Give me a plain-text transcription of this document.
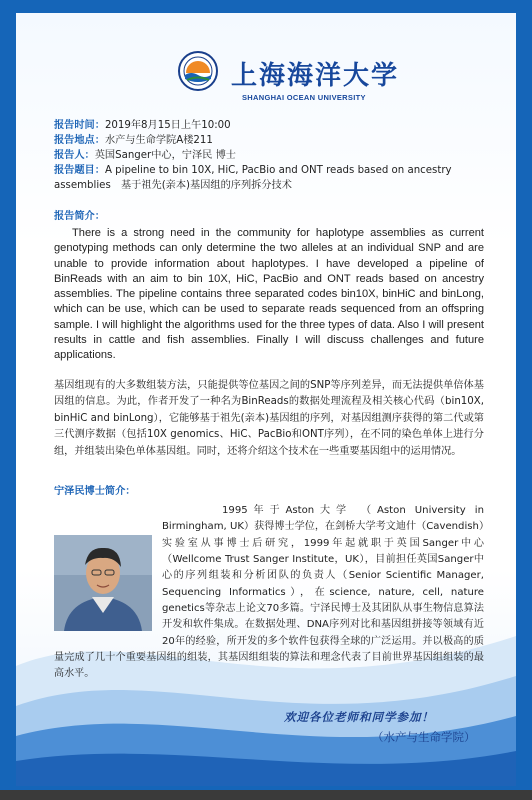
上海海洋大学
SHANGHAI OCEAN UNIVERSITY

报告时间：2019年8月15日上午10:00

报告地点：水产与生命学院A楼211

报告人：英国Sanger中心，宁泽民 博士

报告题目：A pipeline to bin 10X, HiC, PacBio and ONT reads based on ancestry assemblies　基于祖先(亲本)基因组的序列拆分技术

报告简介：
There is a strong need in the community for haplotype assemblies as current genotyping methods can only determine the two alleles at an individual SNP and are unable to provide information about haplotypes. I have developed a pipeline of BinReads with an aim to bin 10X, HiC, PacBio and ONT reads based on ancestry assemblies. The pipeline contains three separated codes bin10X, binHiC and binLong, which can be use, which can be used to separate reads sequenced from an offspring sample. I will highlight the algorithms used for the three types of data. Also I will present results in cattle and fish assemblies. Finally I will discuss challenges and future applications.
基因组现有的大多数组装方法，只能提供等位基因之间的SNP等序列差异，而无法提供单倍体基因组的信息。为此，作者开发了一种名为BinReads的数据处理流程及相关核心代码（bin10X, binHiC and binLong），它能够基于祖先(亲本)基因组的序列，对基因组测序获得的第二代或第三代测序数据（包括10X genomics、HiC、PacBio和ONT序列），在不同的染色单体上进行分组，并组装出染色单体基因组。同时，还将介绍这个技术在一些重要基因组中的运用情况。
宁泽民博士简介：
1995年于Aston大学 （Aston University in Birmingham, UK）获得博士学位，在剑桥大学考文迪什（Cavendish）实验室从事博士后研究，1999年起就职于英国Sanger中心（Wellcome Trust Sanger Institute，UK），目前担任英国Sanger中心的序列组装和分析团队的负责人（Senior Scientific Manager, Sequencing Informatics），在science, nature, cell, nature genetics等杂志上论文70多篇。宁泽民博士及其团队从事生物信息算法开发和软件集成。在数据处理、DNA序列对比和基因组拼接等领域有近20年的经验，所开发的多个软件包获得全球的广泛运用。并以极高的质量完成了几十个重要基因组的组装，其基因组组装的算法和理念代表了目前世界基因组组装的最高水平。
欢迎各位老师和同学参加！
（水产与生命学院）
